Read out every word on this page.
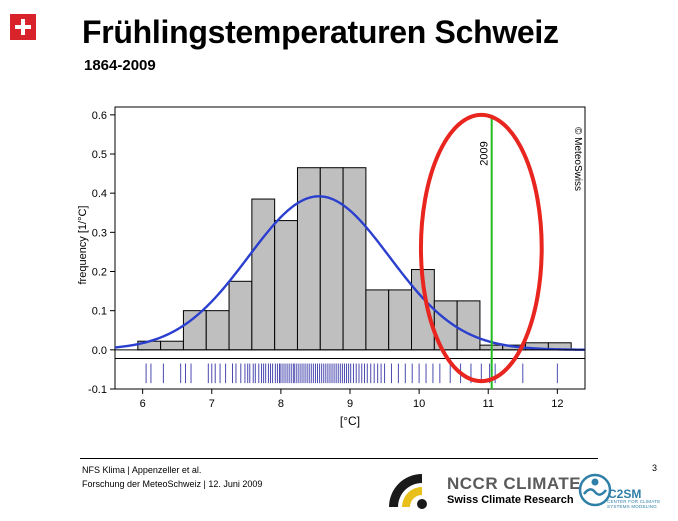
Frühlingstemperaturen Schweiz
1864-2009
2009	© MeteoSwiss
6	7	8	9	10	11	12
-0.1
0.0
0.1
0.2
0.3
0.4
0.5
0.6
[°C]
frequency [1/°C]
NFS Klima | Appenzeller et al.
Forschung der MeteoSchweiz | 12. Juni 2009
3
NCCR CLIMATE
Swiss Climate Research	C2SM
CENTER FOR CLIMATE SYSTEMS MODELING
